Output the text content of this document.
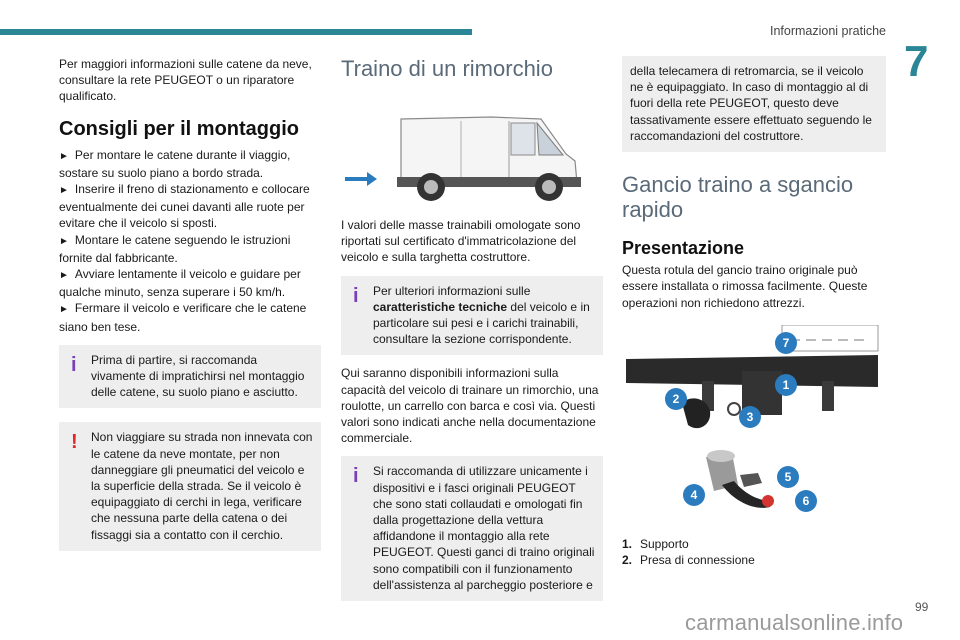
Informazioni pratiche
7

Per maggiori informazioni sulle catene da neve, consultare la rete PEUGEOT o un riparatore qualificato.

Consigli per il montaggio

► Per montare le catene durante il viaggio, sostare su suolo piano a bordo strada.

► Inserire il freno di stazionamento e collocare eventualmente dei cunei davanti alle ruote per evitare che il veicolo si sposti.

► Montare le catene seguendo le istruzioni fornite dal fabbricante.

► Avviare lentamente il veicolo e guidare per qualche minuto, senza superare i 50 km/h.

► Fermare il veicolo e verificare che le catene siano ben tese.

i	Prima di partire, si raccomanda vivamente di impratichirsi nel montaggio delle catene, su suolo piano e asciutto.

!	Non viaggiare su strada non innevata con le catene da neve montate, per non danneggiare gli pneumatici del veicolo e la superficie della strada. Se il veicolo è equipaggiato di cerchi in lega, verificare che nessuna parte della catena o dei fissaggi sia a contatto con il cerchio.

Traino di un rimorchio

I valori delle masse trainabili omologate sono riportati sul certificato d'immatricolazione del veicolo e sulla targhetta costruttore.

i	Per ulteriori informazioni sulle caratteristiche tecniche del veicolo e in particolare sui pesi e i carichi trainabili, consultare la sezione corrispondente.

Qui saranno disponibili informazioni sulla capacità del veicolo di trainare un rimorchio, una roulotte, un carrello con barca e così via. Questi valori sono indicati anche nella documentazione commerciale.

i	Si raccomanda di utilizzare unicamente i dispositivi e i fasci originali PEUGEOT che sono stati collaudati e omologati fin dalla progettazione della vettura affidandone il montaggio alla rete PEUGEOT. Questi ganci di traino originali sono compatibili con il funzionamento dell'assistenza al parcheggio posteriore e

della telecamera di retromarcia, se il veicolo ne è equipaggiato. In caso di montaggio al di fuori della rete PEUGEOT, questo deve tassativamente essere effettuato seguendo le raccomandazioni del costruttore.

Gancio traino a sgancio rapido
Presentazione

Questa rotula del gancio traino originale può essere installata o rimossa facilmente. Queste operazioni non richiedono attrezzi.

7
1
2
3
4
5
6
1. Supporto
2. Presa di connessione
99
carmanualsonline.info
